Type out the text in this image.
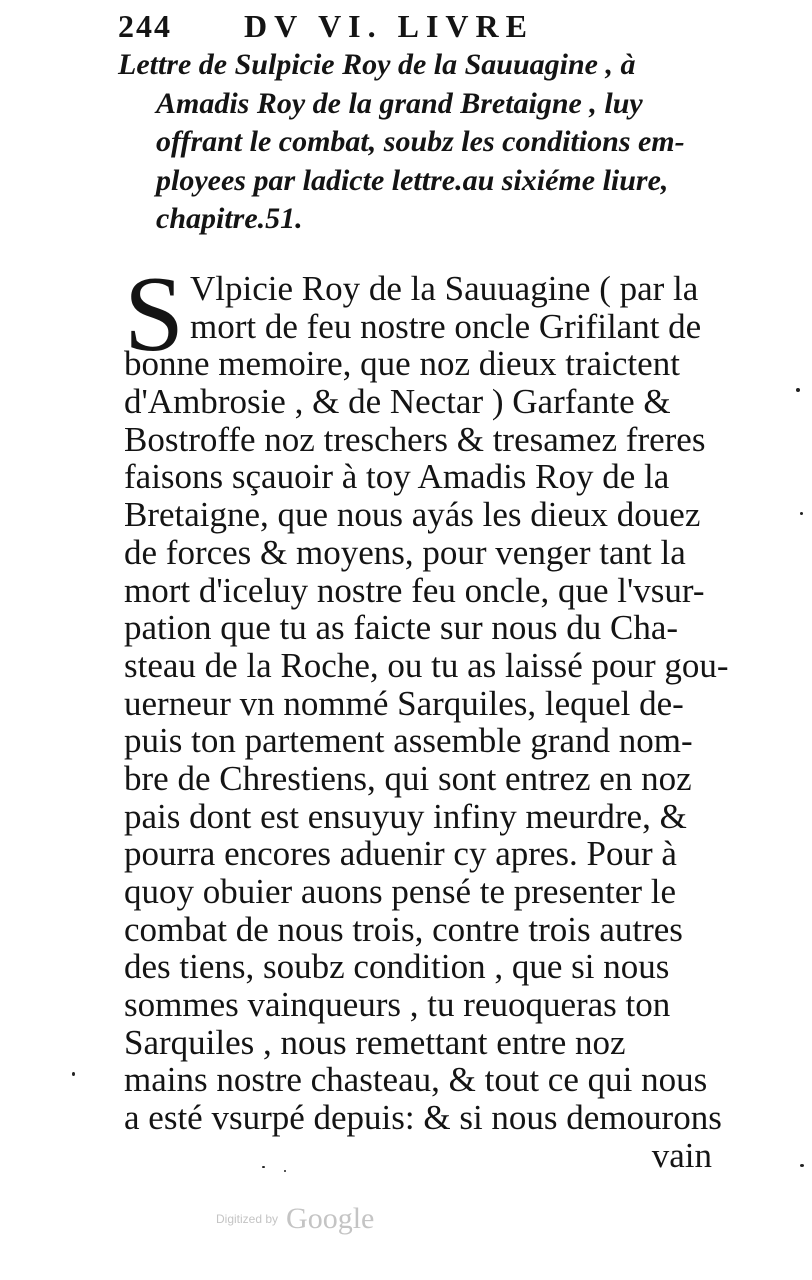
244 DV VI. LIVRE
Lettre de Sulpicie Roy de la Sauuagine , à
Amadis Roy de la grand Bretaigne , luy
offrant le combat, soubz les conditions em-
ployees par ladicte lettre.au sixiéme liure,
chapitre.51.
S Vlpicie Roy de la Sauuagine ( par la
mort de feu nostre oncle Grifilant de
bonne memoire, que noz dieux traictent
d'Ambrosie , & de Nectar ) Garfante &
Bostroffe noz treschers & tresamez freres
faisons sçauoir à toy Amadis Roy de la
Bretaigne, que nous ayás les dieux douez
de forces & moyens, pour venger tant la
mort d'iceluy nostre feu oncle, que l'vsur-
pation que tu as faicte sur nous du Cha-
steau de la Roche, ou tu as laissé pour gou-
uerneur vn nommé Sarquiles, lequel de-
puis ton partement assemble grand nom-
bre de Chrestiens, qui sont entrez en noz
pais dont est ensuyuy infiny meurdre, &
pourra encores aduenir cy apres. Pour à
quoy obuier auons pensé te presenter le
combat de nous trois, contre trois autres
des tiens, soubz condition , que si nous
sommes vainqueurs , tu reuoqueras ton
Sarquiles , nous remettant entre noz
mains nostre chasteau, & tout ce qui nous
a esté vsurpé depuis: & si nous demourons
vain
Digitized by Google
